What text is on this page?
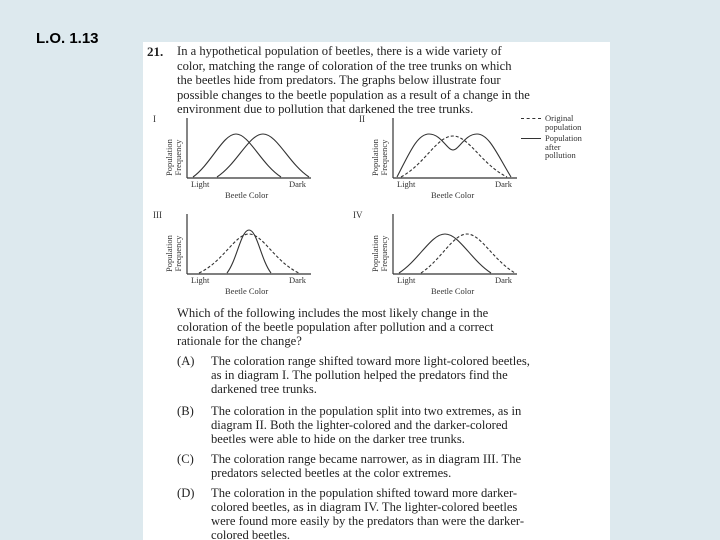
L.O. 1.13
21. In a hypothetical population of beetles, there is a wide variety of
color, matching the range of coloration of the tree trunks on which
the beetles hide from predators. The graphs below illustrate four
possible changes to the beetle population as a result of a change in the
environment due to pollution that darkened the tree trunks.
Original
population
Population
after
pollution
I
Population Frequency
Light	Dark
Beetle Color
II
Population Frequency
Light	Dark
Beetle Color
III
Population Frequency
Light	Dark
Beetle Color
IV
Population Frequency
Light	Dark
Beetle Color
Which of the following includes the most likely change in the
coloration of the beetle population after pollution and a correct
rationale for the change?
(A) The coloration range shifted toward more light-colored beetles,
as in diagram I. The pollution helped the predators find the
darkened tree trunks.
(B) The coloration in the population split into two extremes, as in
diagram II. Both the lighter-colored and the darker-colored
beetles were able to hide on the darker tree trunks.
(C) The coloration range became narrower, as in diagram III. The
predators selected beetles at the color extremes.
(D) The coloration in the population shifted toward more darker-
colored beetles, as in diagram IV. The lighter-colored beetles
were found more easily by the predators than were the darker-
colored beetles.
